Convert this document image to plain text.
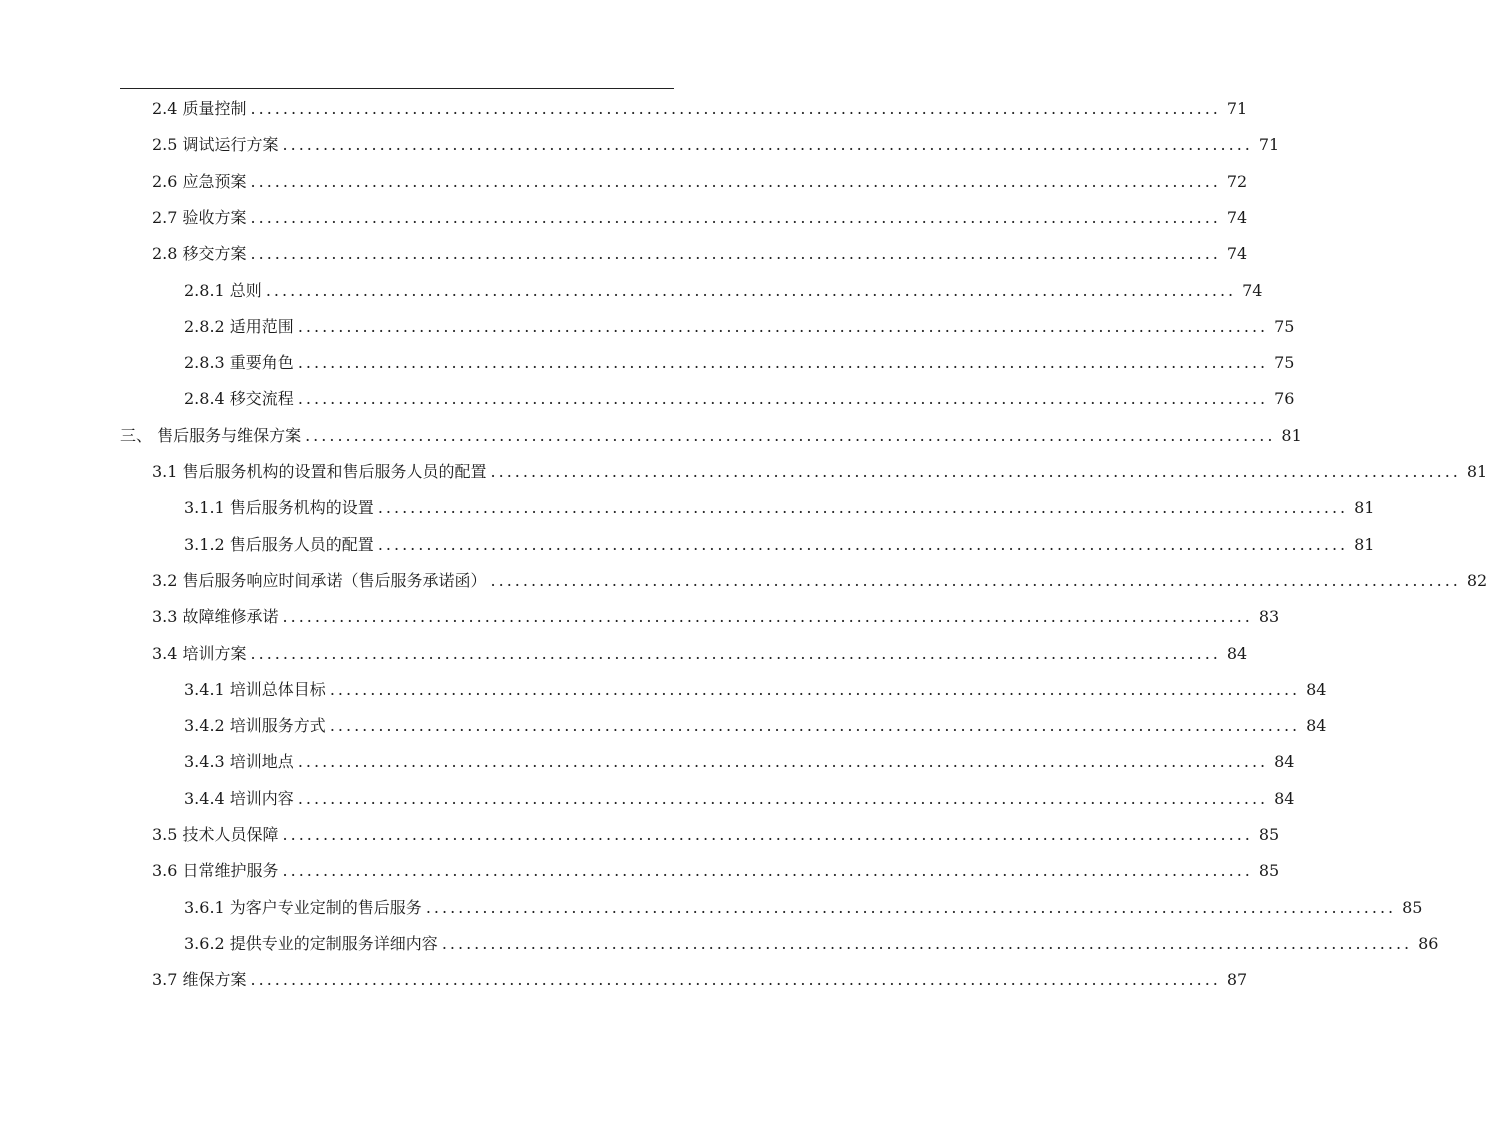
2.4 质量控制 ........................................................................................................................ 71
2.5 调试运行方案 ........................................................................................................................ 71
2.6 应急预案 ........................................................................................................................ 72
2.7 验收方案 ........................................................................................................................ 74
2.8 移交方案 ........................................................................................................................ 74
2.8.1 总则 ........................................................................................................................ 74
2.8.2 适用范围 ........................................................................................................................ 75
2.8.3 重要角色 ........................................................................................................................ 75
2.8.4 移交流程 ........................................................................................................................ 76
三、 售后服务与维保方案 ........................................................................................................................ 81
3.1 售后服务机构的设置和售后服务人员的配置 ........................................................................................................................ 81
3.1.1 售后服务机构的设置 ........................................................................................................................ 81
3.1.2 售后服务人员的配置 ........................................................................................................................ 81
3.2 售后服务响应时间承诺（售后服务承诺函） ........................................................................................................................ 82
3.3 故障维修承诺 ........................................................................................................................ 83
3.4 培训方案 ........................................................................................................................ 84
3.4.1 培训总体目标 ........................................................................................................................ 84
3.4.2 培训服务方式 ........................................................................................................................ 84
3.4.3 培训地点 ........................................................................................................................ 84
3.4.4 培训内容 ........................................................................................................................ 84
3.5 技术人员保障 ........................................................................................................................ 85
3.6 日常维护服务 ........................................................................................................................ 85
3.6.1 为客户专业定制的售后服务 ........................................................................................................................ 85
3.6.2 提供专业的定制服务详细内容 ........................................................................................................................ 86
3.7 维保方案 ........................................................................................................................ 87
